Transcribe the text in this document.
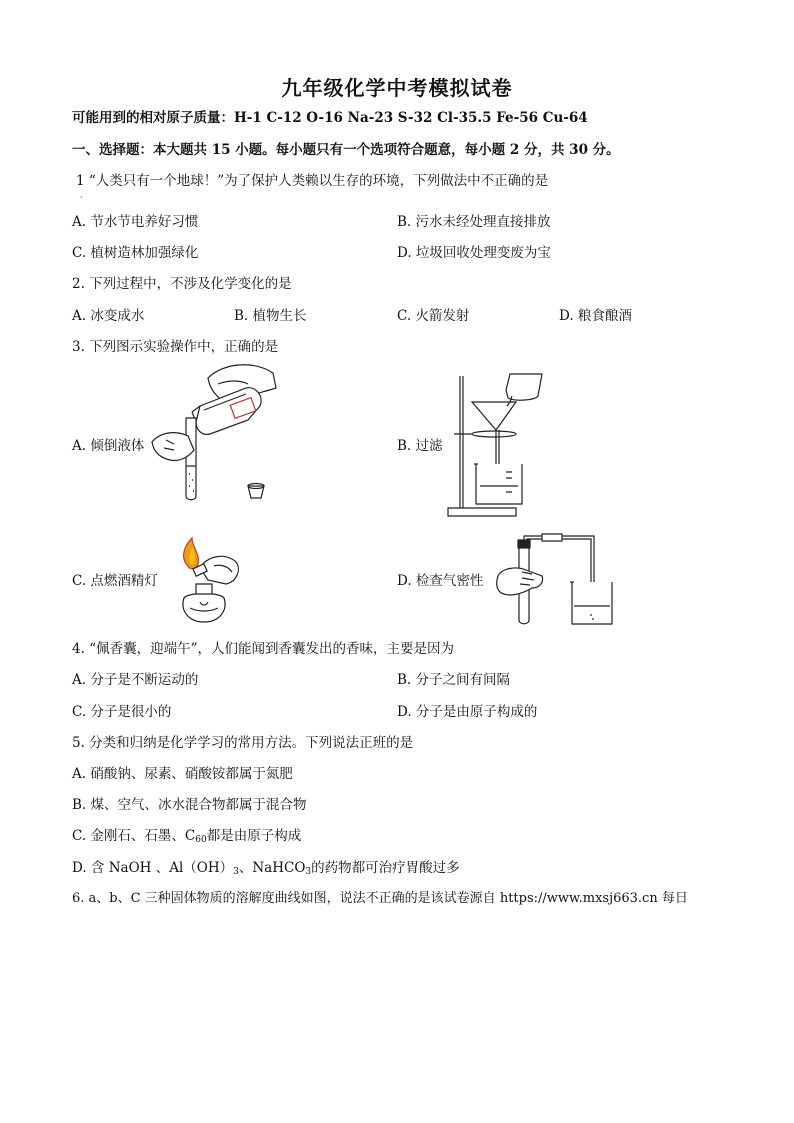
九年级化学中考模拟试卷
可能用到的相对原子质量：H-1 C-12 O-16 Na-23 S-32 Cl-35.5 Fe-56 Cu-64
一、选择题：本大题共 15 小题。每小题只有一个选项符合题意，每小题 2 分，共 30 分。
1 “人类只有一个地球！”为了保护人类赖以生存的环境，下列做法中不正确的是
·
A. 节水节电养好习惯	B. 污水未经处理直接排放
C. 植树造林加强绿化	D. 垃圾回收处理变废为宝
2. 下列过程中，不涉及化学变化的是
A. 冰变成水	B. 植物生长	C. 火箭发射	D. 粮食酿酒
3. 下列图示实验操作中，正确的是
A. 倾倒液体	B. 过滤
C. 点燃酒精灯	D. 检查气密性
4. “佩香囊，迎端午”，人们能闻到香囊发出的香味，主要是因为
A. 分子是不断运动的	B. 分子之间有间隔
C. 分子是很小的	D. 分子是由原子构成的
5. 分类和归纳是化学学习的常用方法。下列说法正班的是
A. 硝酸钠、尿素、硝酸铵都属于氮肥
B. 煤、空气、冰水混合物都属于混合物
C. 金刚石、石墨、$C_{60}$都是由原子构成
D. 含 NaOH 、$Al(OH)_3$、NaHCO$_3$的药物都可治疗胃酸过多
6. a、b、C 三种固体物质的溶解度曲线如图，说法不正确的是该试卷源自 https://www.mxsj663.cn 每日
